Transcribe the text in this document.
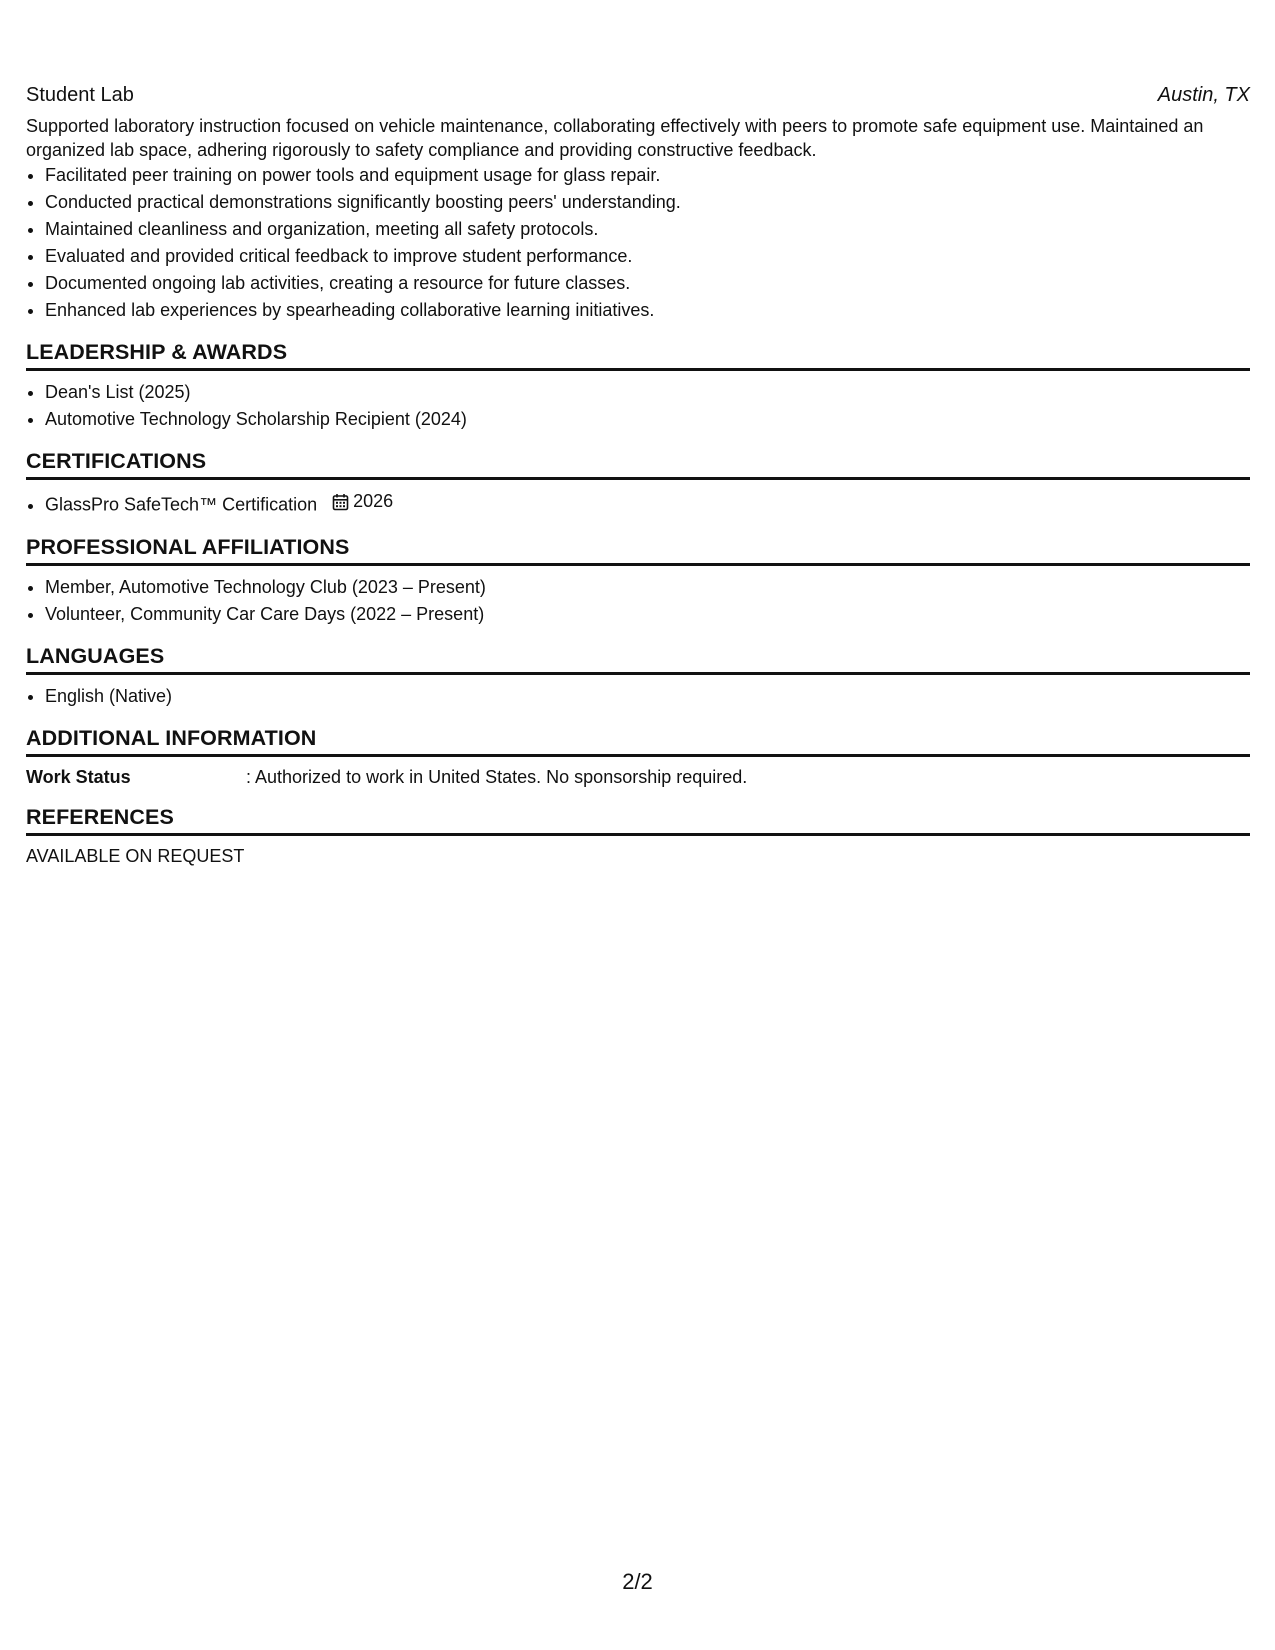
Student Lab	Austin, TX

Supported laboratory instruction focused on vehicle maintenance, collaborating effectively with peers to promote safe equipment use. Maintained an organized lab space, adhering rigorously to safety compliance and providing constructive feedback.

• Facilitated peer training on power tools and equipment usage for glass repair.
• Conducted practical demonstrations significantly boosting peers' understanding.
• Maintained cleanliness and organization, meeting all safety protocols.
• Evaluated and provided critical feedback to improve student performance.
• Documented ongoing lab activities, creating a resource for future classes.
• Enhanced lab experiences by spearheading collaborative learning initiatives.
LEADERSHIP & AWARDS
• Dean's List (2025)
• Automotive Technology Scholarship Recipient (2024)
CERTIFICATIONS
• GlassPro SafeTech™ Certification 2026
PROFESSIONAL AFFILIATIONS
• Member, Automotive Technology Club (2023 – Present)
• Volunteer, Community Car Care Days (2022 – Present)
LANGUAGES
• English (Native)
ADDITIONAL INFORMATION
Work Status	: Authorized to work in United States. No sponsorship required.
REFERENCES
AVAILABLE ON REQUEST
2/2
